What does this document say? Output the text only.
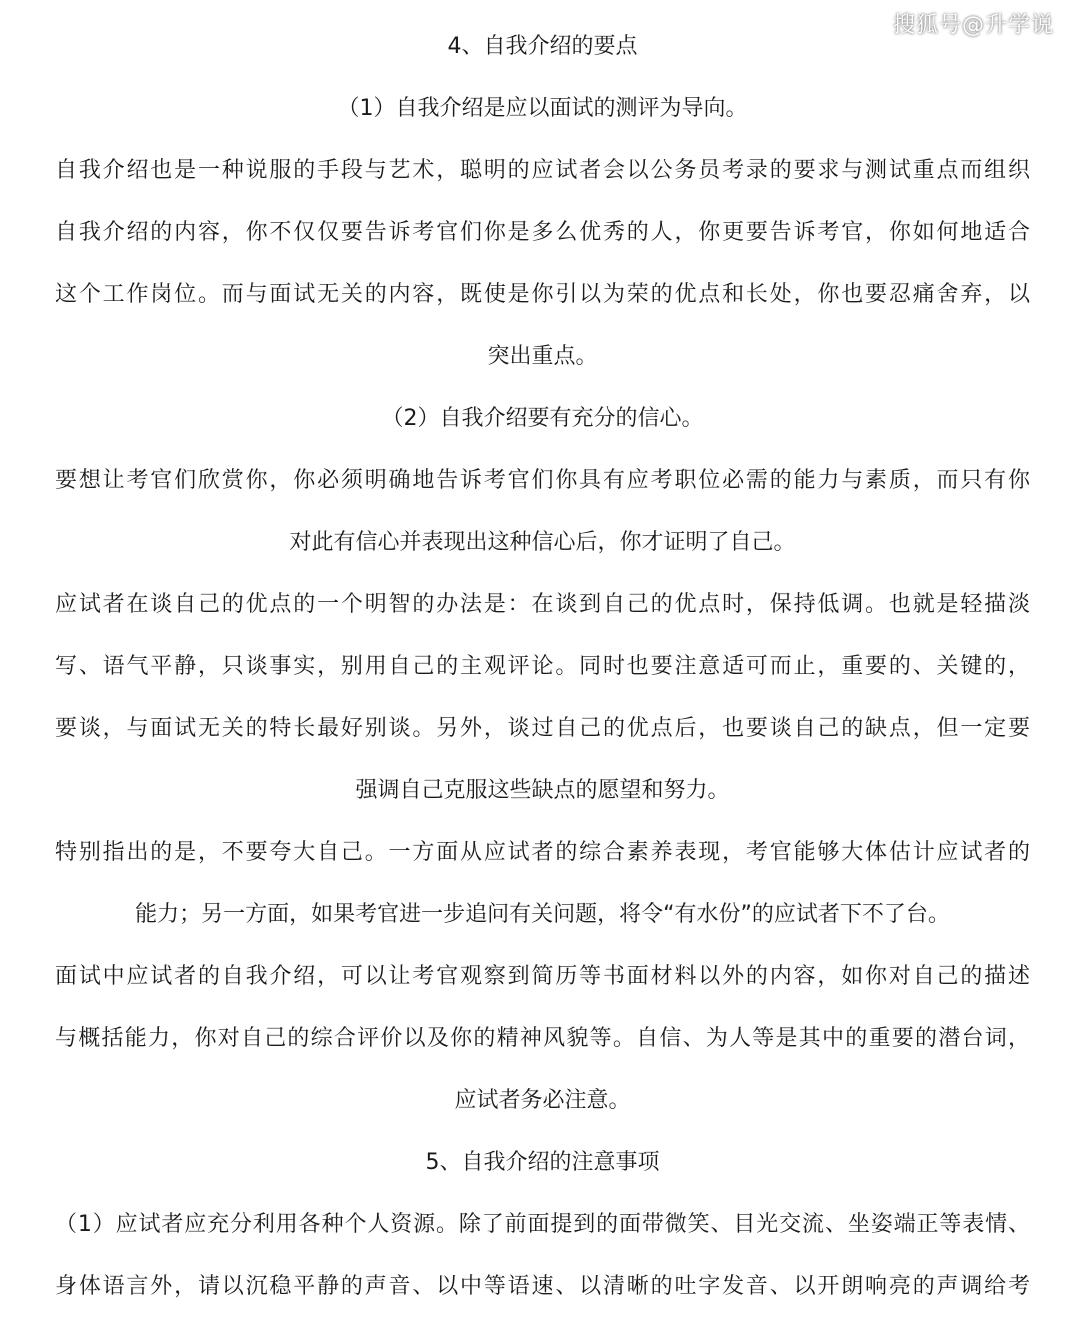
搜狐号@升学说
4、自我介绍的要点
（1）自我介绍是应以面试的测评为导向。
自我介绍也是一种说服的手段与艺术，聪明的应试者会以公务员考录的要求与测试重点而组织
自我介绍的内容，你不仅仅要告诉考官们你是多么优秀的人，你更要告诉考官，你如何地适合
这个工作岗位。而与面试无关的内容，既使是你引以为荣的优点和长处，你也要忍痛舍弃，以
突出重点。
（2）自我介绍要有充分的信心。
要想让考官们欣赏你，你必须明确地告诉考官们你具有应考职位必需的能力与素质，而只有你
对此有信心并表现出这种信心后，你才证明了自己。
应试者在谈自己的优点的一个明智的办法是：在谈到自己的优点时，保持低调。也就是轻描淡
写、语气平静，只谈事实，别用自己的主观评论。同时也要注意适可而止，重要的、关键的，
要谈，与面试无关的特长最好别谈。另外，谈过自己的优点后，也要谈自己的缺点，但一定要
强调自己克服这些缺点的愿望和努力。
特别指出的是，不要夸大自己。一方面从应试者的综合素养表现，考官能够大体估计应试者的
能力；另一方面，如果考官进一步追问有关问题，将令“有水份”的应试者下不了台。
面试中应试者的自我介绍，可以让考官观察到简历等书面材料以外的内容，如你对自己的描述
与概括能力，你对自己的综合评价以及你的精神风貌等。自信、为人等是其中的重要的潜台词，
应试者务必注意。
5、自我介绍的注意事项
（1）应试者应充分利用各种个人资源。除了前面提到的面带微笑、目光交流、坐姿端正等表情、
身体语言外，请以沉稳平静的声音、以中等语速、以清晰的吐字发音、以开朗响亮的声调给考
